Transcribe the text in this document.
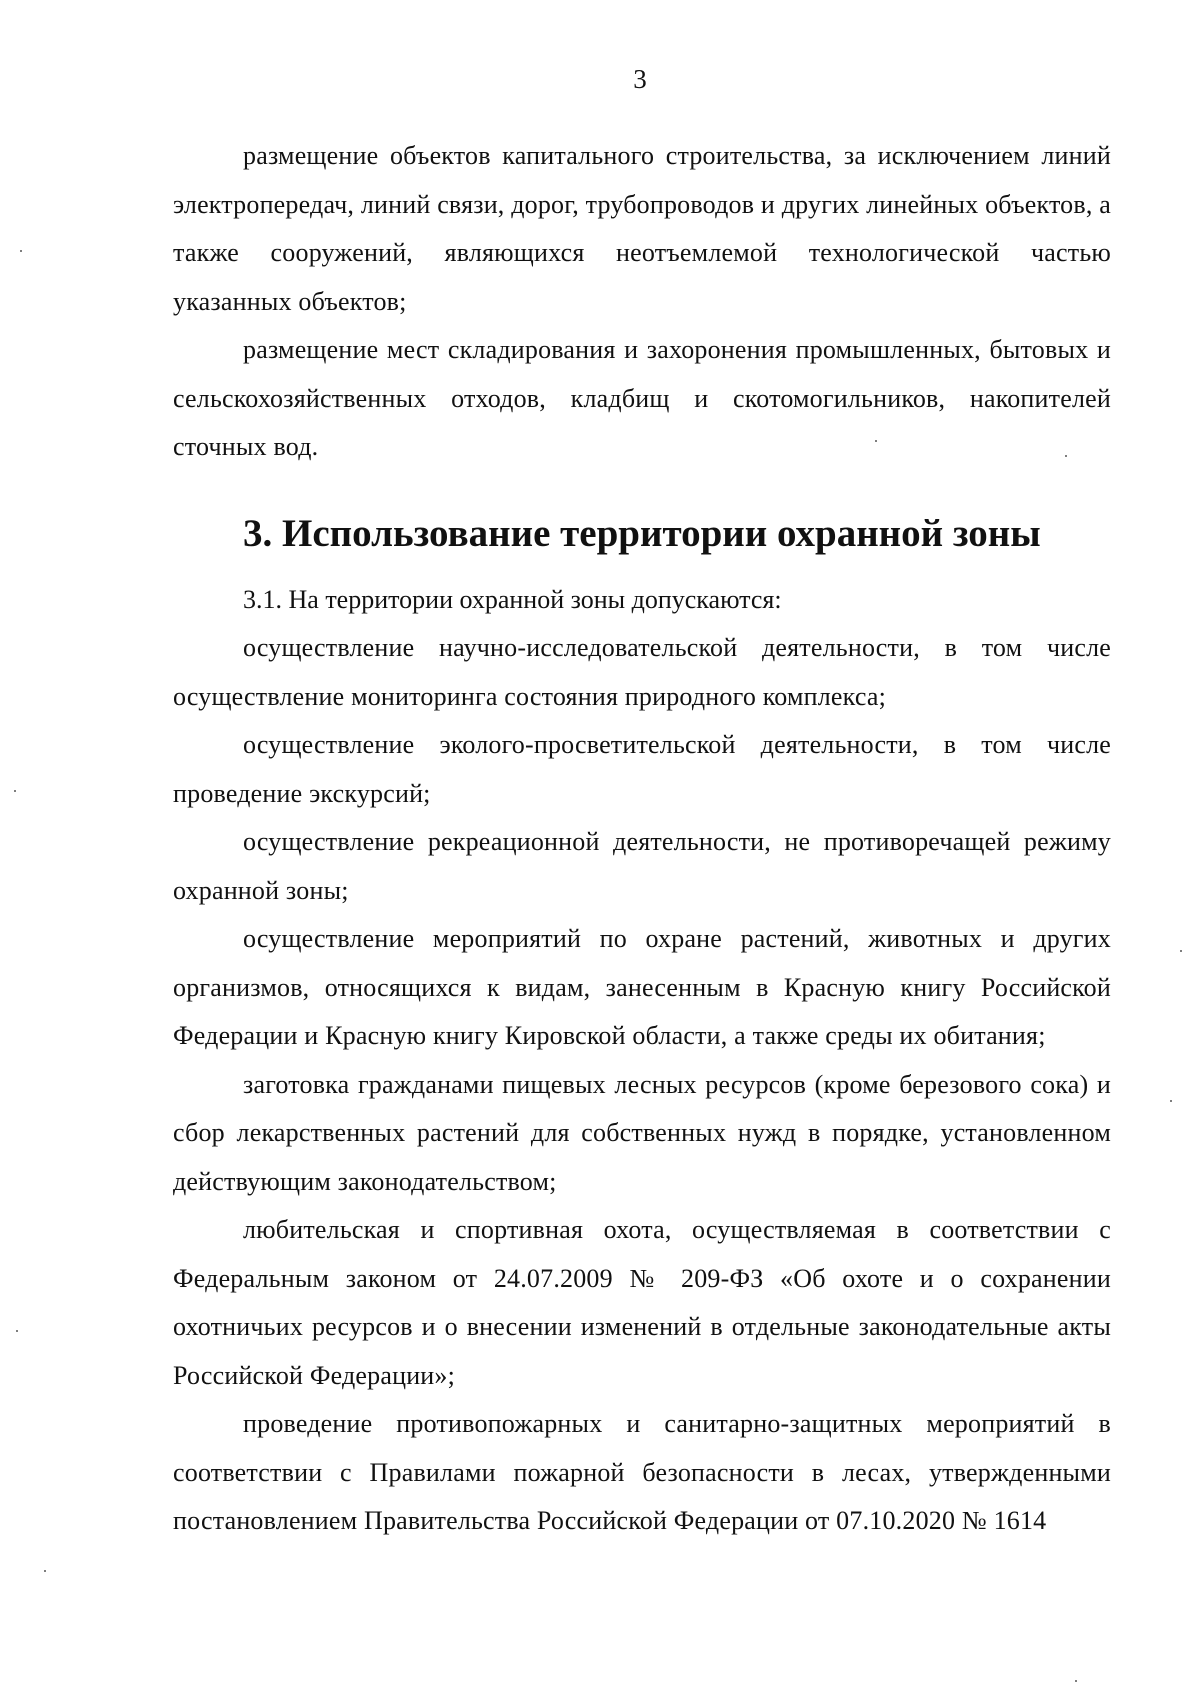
3

размещение объектов капитального строительства, за исключением линий электропередач, линий связи, дорог, трубопроводов и других линейных объектов, а также сооружений, являющихся неотъемлемой технологической частью указанных объектов;

размещение мест складирования и захоронения промышленных, бытовых и сельскохозяйственных отходов, кладбищ и скотомогильников, накопителей сточных вод.

3. Использование территории охранной зоны

3.1. На территории охранной зоны допускаются:

осуществление научно-исследовательской деятельности, в том числе осуществление мониторинга состояния природного комплекса;

осуществление эколого-просветительской деятельности, в том числе проведение экскурсий;

осуществление рекреационной деятельности, не противоречащей режиму охранной зоны;

осуществление мероприятий по охране растений, животных и других организмов, относящихся к видам, занесенным в Красную книгу Российской Федерации и Красную книгу Кировской области, а также среды их обитания;

заготовка гражданами пищевых лесных ресурсов (кроме березового сока) и сбор лекарственных растений для собственных нужд в порядке, установленном действующим законодательством;

любительская и спортивная охота, осуществляемая в соответствии с Федеральным законом от 24.07.2009 № 209-ФЗ «Об охоте и о сохранении охотничьих ресурсов и о внесении изменений в отдельные законодательные акты Российской Федерации»;

проведение противопожарных и санитарно-защитных мероприятий в соответствии с Правилами пожарной безопасности в лесах, утвержденными постановлением Правительства Российской Федерации от 07.10.2020 № 1614
